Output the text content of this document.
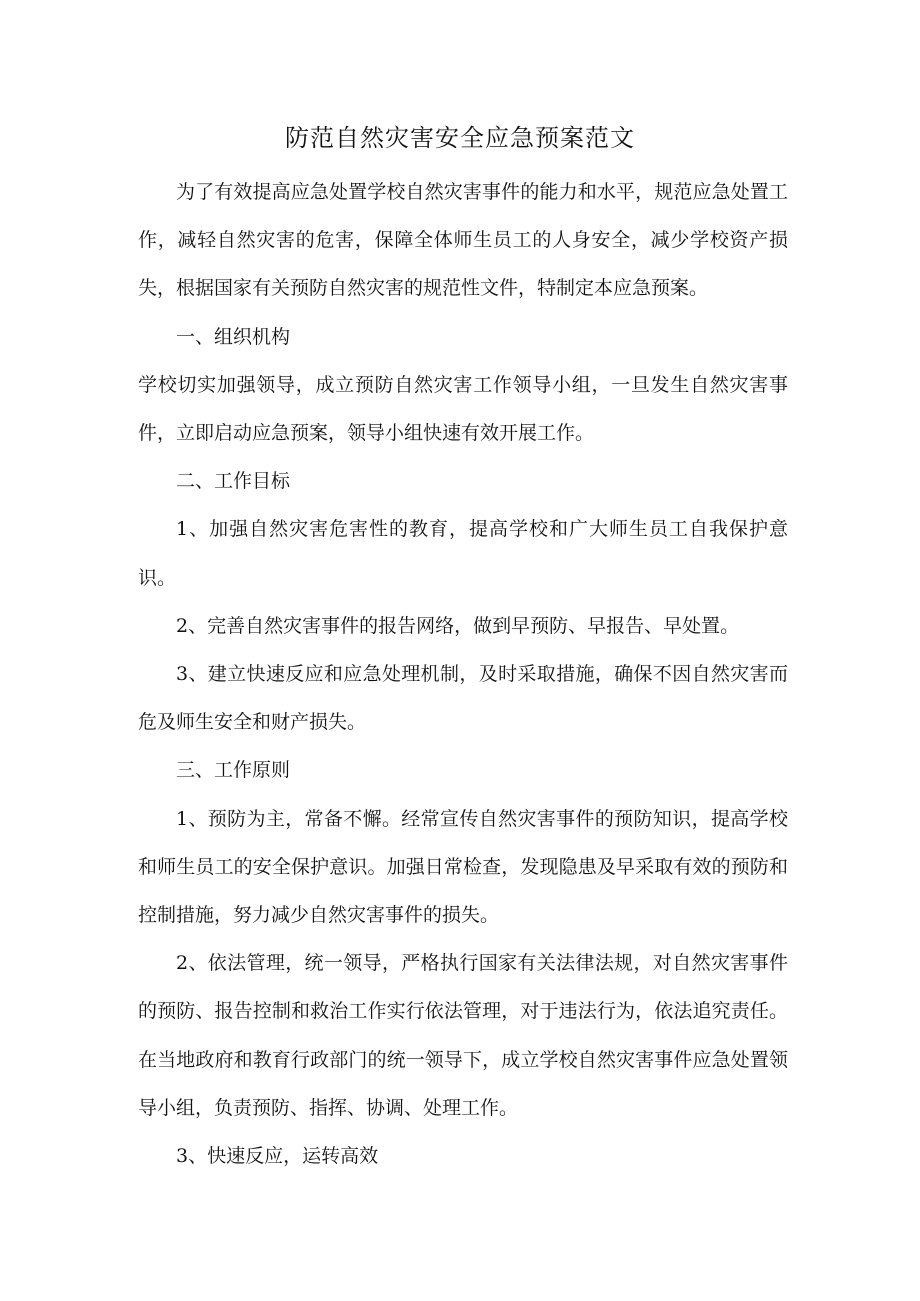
防范自然灾害安全应急预案范文

为了有效提高应急处置学校自然灾害事件的能力和水平，规范应急处置工作，减轻自然灾害的危害，保障全体师生员工的人身安全，减少学校资产损失，根据国家有关预防自然灾害的规范性文件，特制定本应急预案。

一、组织机构

学校切实加强领导，成立预防自然灾害工作领导小组，一旦发生自然灾害事件，立即启动应急预案，领导小组快速有效开展工作。

二、工作目标

1、加强自然灾害危害性的教育，提高学校和广大师生员工自我保护意识。

2、完善自然灾害事件的报告网络，做到早预防、早报告、早处置。

3、建立快速反应和应急处理机制，及时采取措施，确保不因自然灾害而危及师生安全和财产损失。

三、工作原则

1、预防为主，常备不懈。经常宣传自然灾害事件的预防知识，提高学校和师生员工的安全保护意识。加强日常检查，发现隐患及早采取有效的预防和控制措施，努力减少自然灾害事件的损失。

2、依法管理，统一领导，严格执行国家有关法律法规，对自然灾害事件的预防、报告控制和救治工作实行依法管理，对于违法行为，依法追究责任。在当地政府和教育行政部门的统一领导下，成立学校自然灾害事件应急处置领导小组，负责预防、指挥、协调、处理工作。

3、快速反应，运转高效
